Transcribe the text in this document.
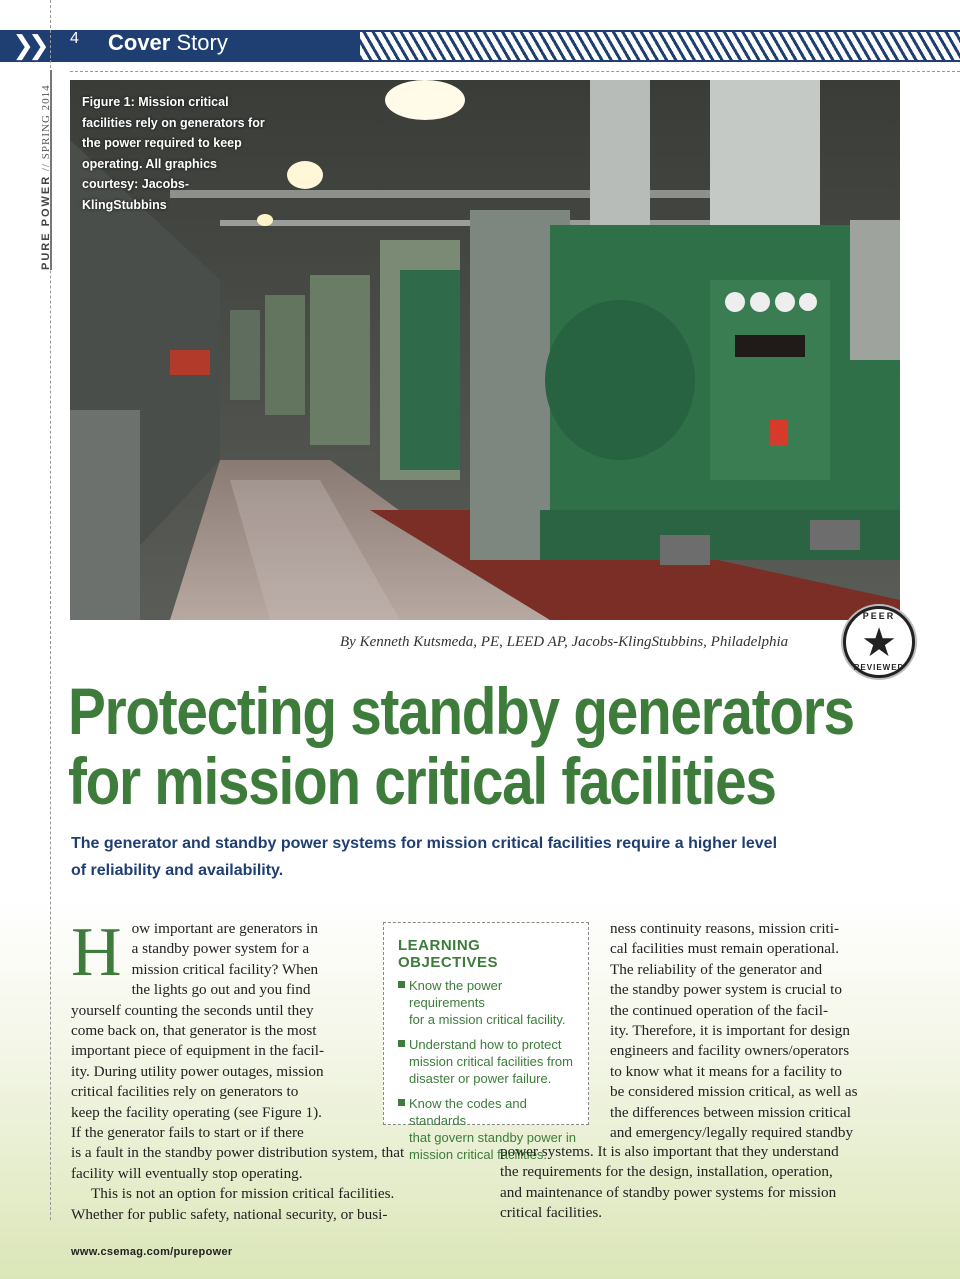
❯❯	4 Cover Story
PURE POWER // SPRING 2014 Figure 1: Mission critical facilities rely on generators for the power required to keep operating. All graphics courtesy: Jacobs-KlingStubbins
By Kenneth Kutsmeda, PE, LEED AP, Jacobs-KlingStubbins, Philadelphia
PEER
★
REVIEWED
Protecting standby generators
for mission critical facilities
The generator and standby power systems for mission critical facilities require a higher level
of reliability and availability.
H ow important are generators in
a standby power system for a
mission critical facility? When
the lights go out and you find
yourself counting the seconds until they
come back on, that generator is the most
important piece of equipment in the facil-
ity. During utility power outages, mission
critical facilities rely on generators to
keep the facility operating (see Figure 1).
If the generator fails to start or if there
is a fault in the standby power distribution system, that
facility will eventually stop operating.
This is not an option for mission critical facilities.
Whether for public safety, national security, or busi-
LEARNING OBJECTIVES
Know the power requirements
for a mission critical facility.
Understand how to protect
mission critical facilities from
disaster or power failure.
Know the codes and standards
that govern standby power in
mission critical facilities.
ness continuity reasons, mission criti-
cal facilities must remain operational.
The reliability of the generator and
the standby power system is crucial to
the continued operation of the facil-
ity. Therefore, it is important for design
engineers and facility owners/operators
to know what it means for a facility to
be considered mission critical, as well as
the differences between mission critical
and emergency/legally required standby
power systems. It is also important that they understand
the requirements for the design, installation, operation,
and maintenance of standby power systems for mission
critical facilities.
www.csemag.com/purepower
